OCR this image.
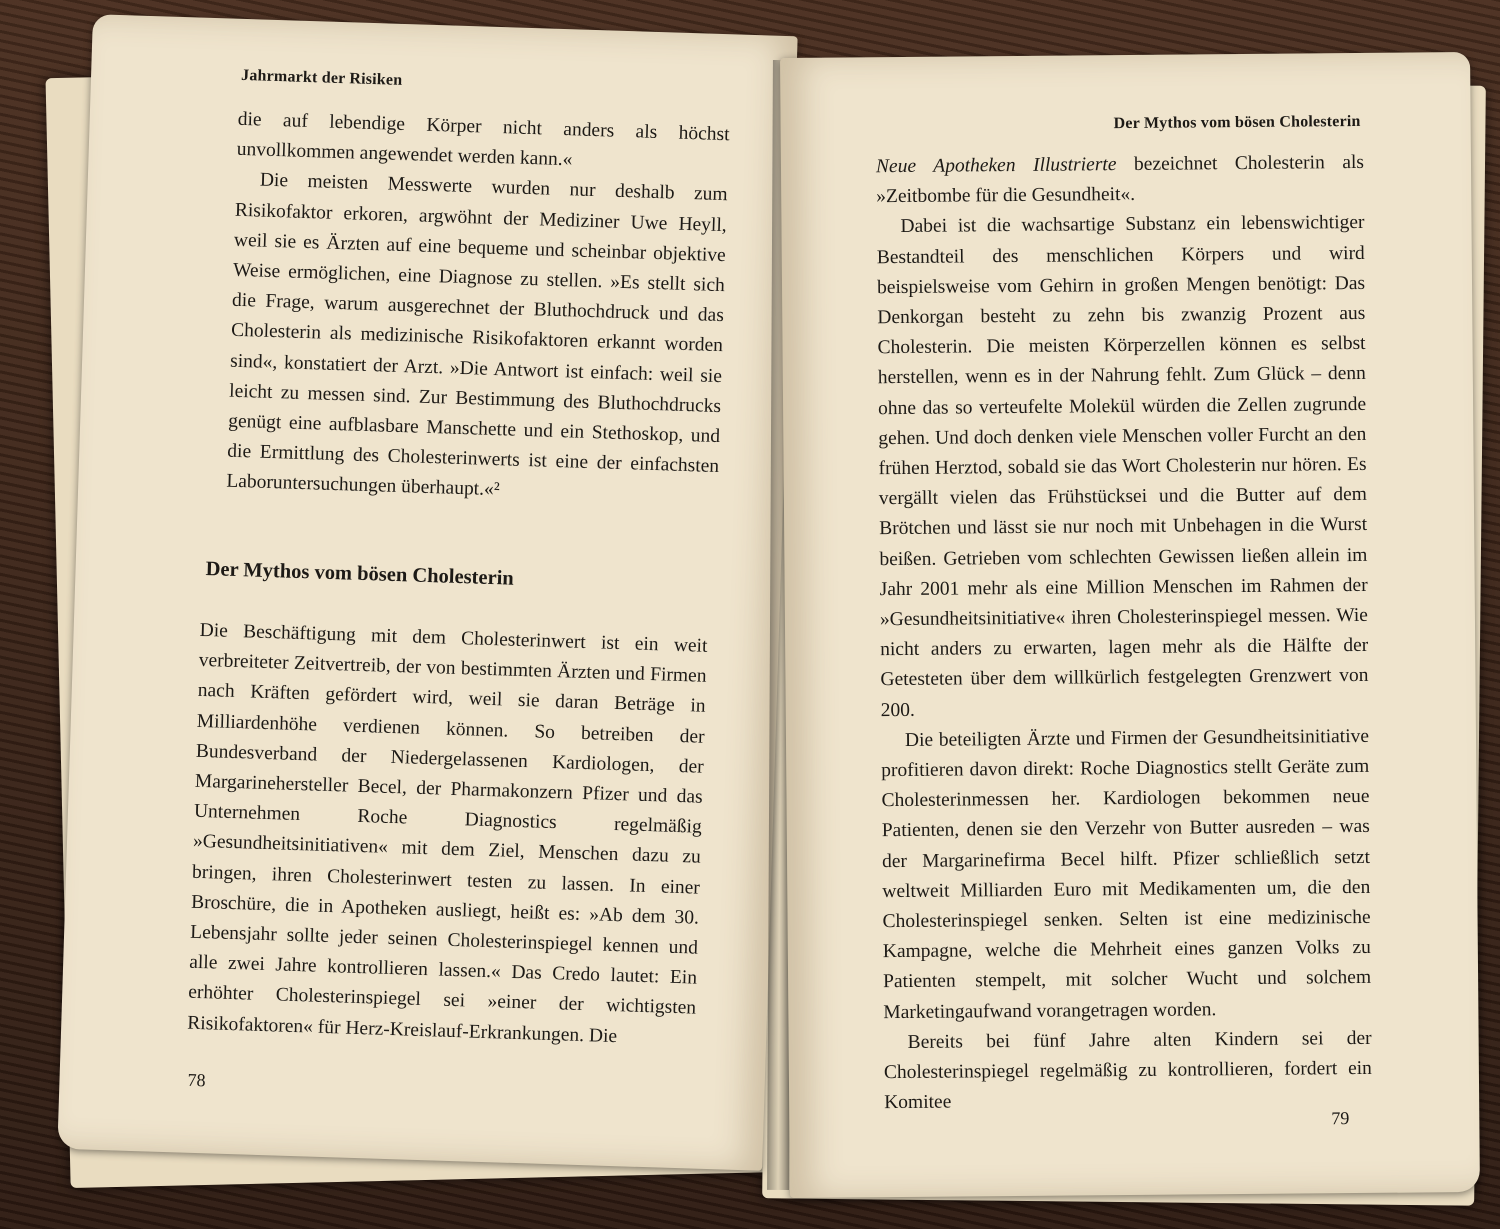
Jahrmarkt der Risiken

die auf lebendige Körper nicht anders als höchst unvollkommen angewendet werden kann.«

Die meisten Messwerte wurden nur deshalb zum Risikofaktor erkoren, argwöhnt der Mediziner Uwe Heyll, weil sie es Ärzten auf eine bequeme und scheinbar objektive Weise ermöglichen, eine Diagnose zu stellen. »Es stellt sich die Frage, warum ausgerechnet der Bluthochdruck und das Cholesterin als medizinische Risikofaktoren erkannt worden sind«, konstatiert der Arzt. »Die Antwort ist einfach: weil sie leicht zu messen sind. Zur Bestimmung des Bluthochdrucks genügt eine aufblasbare Manschette und ein Stethoskop, und die Ermittlung des Cholesterinwerts ist eine der einfachsten Laboruntersuchungen überhaupt.«²

Der Mythos vom bösen Cholesterin

Die Beschäftigung mit dem Cholesterinwert ist ein weit verbreiteter Zeitvertreib, der von bestimmten Ärzten und Firmen nach Kräften gefördert wird, weil sie daran Beträge in Milliardenhöhe verdienen können. So betreiben der Bundesverband der Niedergelassenen Kardiologen, der Margarinehersteller Becel, der Pharmakonzern Pfizer und das Unternehmen Roche Diagnostics regelmäßig »Gesundheitsinitiativen« mit dem Ziel, Menschen dazu zu bringen, ihren Cholesterinwert testen zu lassen. In einer Broschüre, die in Apotheken ausliegt, heißt es: »Ab dem 30. Lebensjahr sollte jeder seinen Cholesterinspiegel kennen und alle zwei Jahre kontrollieren lassen.« Das Credo lautet: Ein erhöhter Cholesterinspiegel sei »einer der wichtigsten Risikofaktoren« für Herz-Kreislauf-Erkrankungen. Die

78
Der Mythos vom bösen Cholesterin

Neue Apotheken Illustrierte bezeichnet Cholesterin als »Zeitbombe für die Gesundheit«.

Dabei ist die wachsartige Substanz ein lebenswichtiger Bestandteil des menschlichen Körpers und wird beispielsweise vom Gehirn in großen Mengen benötigt: Das Denkorgan besteht zu zehn bis zwanzig Prozent aus Cholesterin. Die meisten Körperzellen können es selbst herstellen, wenn es in der Nahrung fehlt. Zum Glück – denn ohne das so verteufelte Molekül würden die Zellen zugrunde gehen. Und doch denken viele Menschen voller Furcht an den frühen Herztod, sobald sie das Wort Cholesterin nur hören. Es vergällt vielen das Frühstücksei und die Butter auf dem Brötchen und lässt sie nur noch mit Unbehagen in die Wurst beißen. Getrieben vom schlechten Gewissen ließen allein im Jahr 2001 mehr als eine Million Menschen im Rahmen der »Gesundheitsinitiative« ihren Cholesterinspiegel messen. Wie nicht anders zu erwarten, lagen mehr als die Hälfte der Getesteten über dem willkürlich festgelegten Grenzwert von 200.

Die beteiligten Ärzte und Firmen der Gesundheitsinitiative profitieren davon direkt: Roche Diagnostics stellt Geräte zum Cholesterinmessen her. Kardiologen bekommen neue Patienten, denen sie den Verzehr von Butter ausreden – was der Margarinefirma Becel hilft. Pfizer schließlich setzt weltweit Milliarden Euro mit Medikamenten um, die den Cholesterinspiegel senken. Selten ist eine medizinische Kampagne, welche die Mehrheit eines ganzen Volks zu Patienten stempelt, mit solcher Wucht und solchem Marketingaufwand vorangetragen worden.

Bereits bei fünf Jahre alten Kindern sei der Cholesterinspiegel regelmäßig zu kontrollieren, fordert ein Komitee

79
